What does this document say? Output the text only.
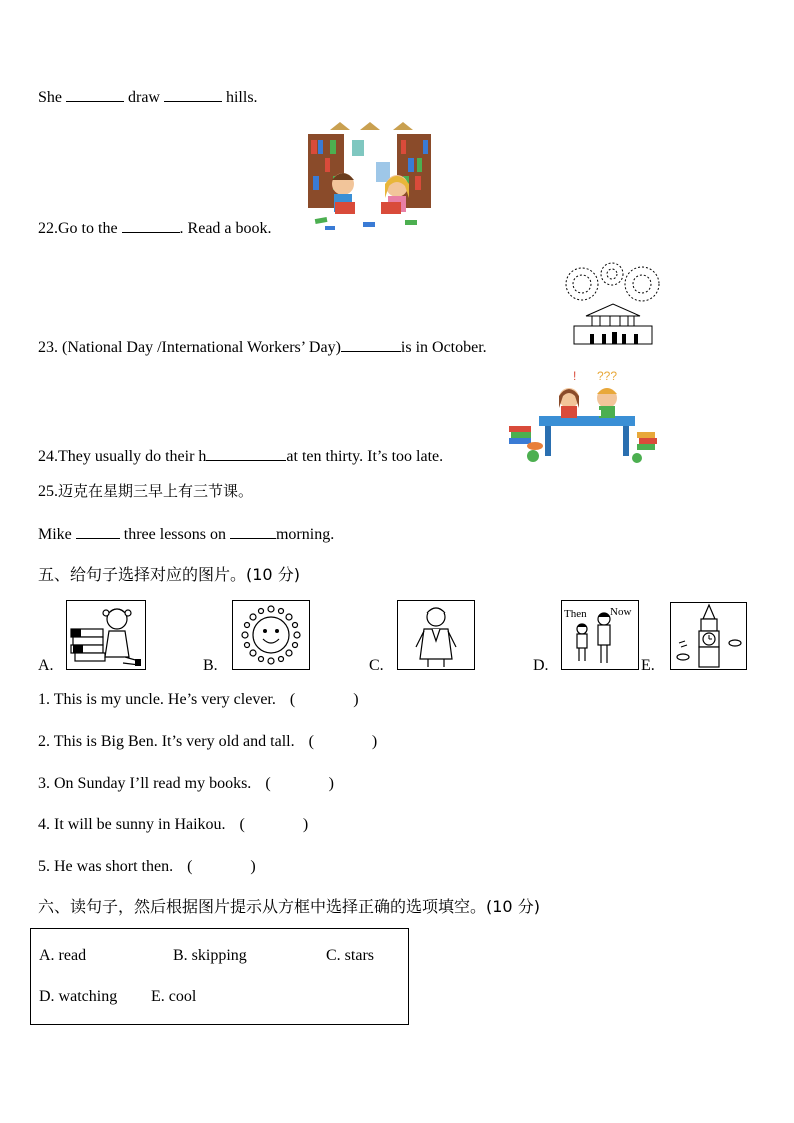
She	draw	hills.
22.Go to the	. Read a book.
23. (National Day /International Workers’ Day)	is in October.
! ???
24.They usually do their h	at ten thirty. It’s too late.
25.迈克在星期三早上有三节课。
Mike	three lessons on	morning.
五、给句子选择对应的图片。(10 分)
Then Now
A.	B.	C.	D.	E.
1. This is my uncle. He’s very clever. (	)
2. This is Big Ben. It’s very old and tall. (	)
3. On Sunday I’ll read my books. (	)
4. It will be sunny in Haikou. (	)
5. He was short then. (	)
六、读句子，然后根据图片提示从方框中选择正确的选项填空。(10 分)
A. read	B. skipping	C. stars
D. watching E. cool
